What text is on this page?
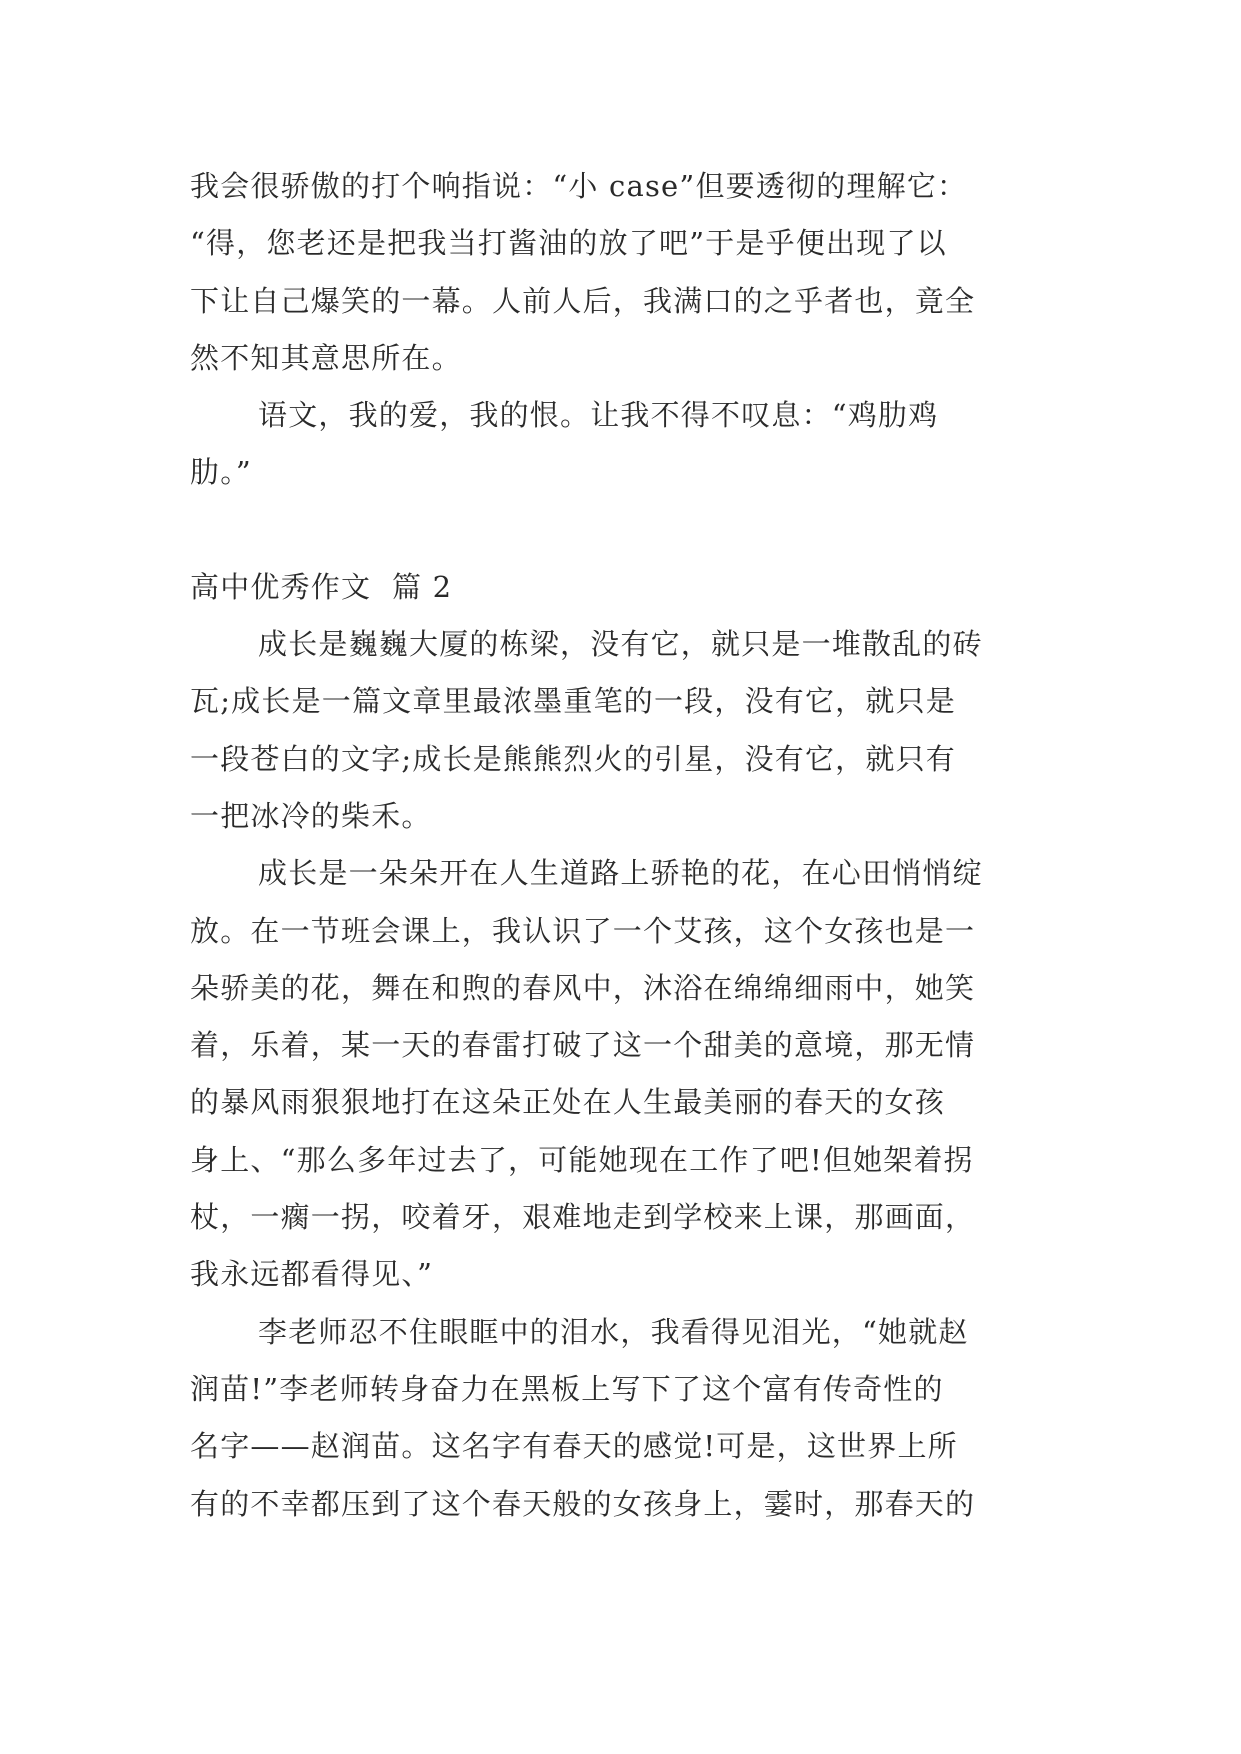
我会很骄傲的打个响指说：“小 case”但要透彻的理解它：
“得，您老还是把我当打酱油的放了吧”于是乎便出现了以
下让自己爆笑的一幕。人前人后，我满口的之乎者也，竟全
然不知其意思所在。
语文，我的爱，我的恨。让我不得不叹息：“鸡肋鸡
肋。”
高中优秀作文  篇 2
成长是巍巍大厦的栋梁，没有它，就只是一堆散乱的砖
瓦;成长是一篇文章里最浓墨重笔的一段，没有它，就只是
一段苍白的文字;成长是熊熊烈火的引星，没有它，就只有
一把冰冷的柴禾。
成长是一朵朵开在人生道路上骄艳的花，在心田悄悄绽
放。在一节班会课上，我认识了一个艾孩，这个女孩也是一
朵骄美的花，舞在和煦的春风中，沐浴在绵绵细雨中，她笑
着，乐着，某一天的春雷打破了这一个甜美的意境，那无情
的暴风雨狠狠地打在这朵正处在人生最美丽的春天的女孩
身上、“那么多年过去了，可能她现在工作了吧!但她架着拐
杖，一瘸一拐，咬着牙，艰难地走到学校来上课，那画面，
我永远都看得见、”
李老师忍不住眼眶中的泪水，我看得见泪光，“她就赵
润苗!”李老师转身奋力在黑板上写下了这个富有传奇性的
名字——赵润苗。这名字有春天的感觉!可是，这世界上所
有的不幸都压到了这个春天般的女孩身上，霎时，那春天的
